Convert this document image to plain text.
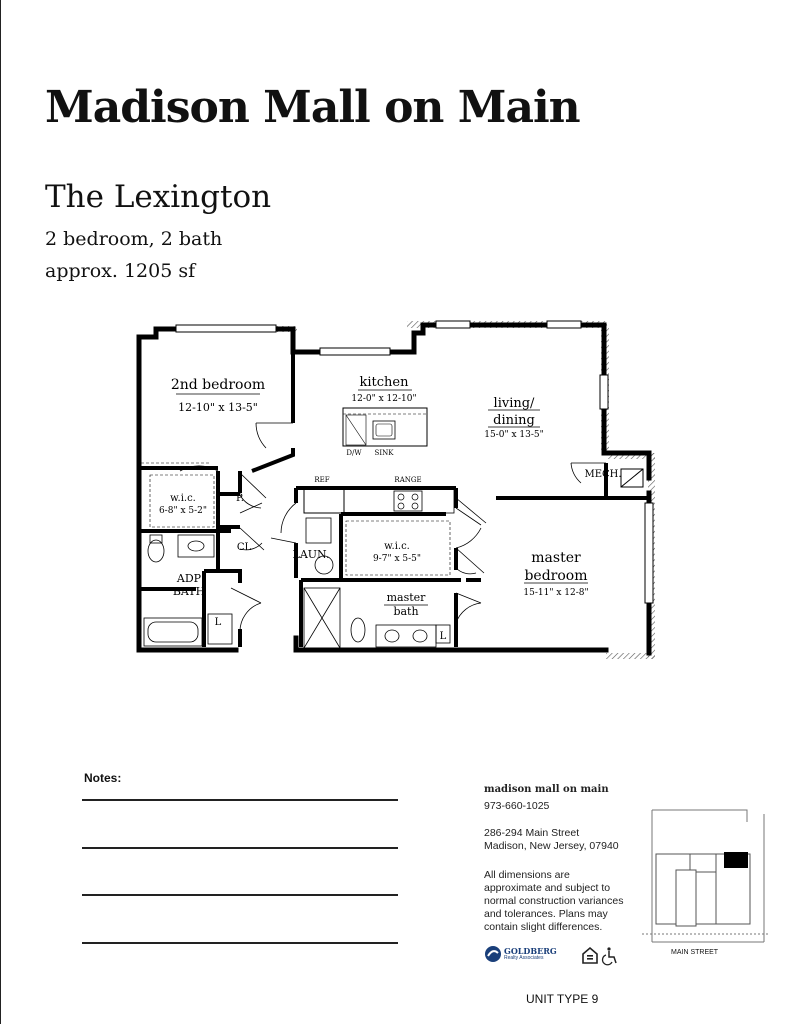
Madison Mall on Main
The Lexington
2 bedroom, 2 bath
approx. 1205 sf
2nd bedroom
12-10" x 13-5"
kitchen
12-0" x 12-10"	living/
dining
15-0" x 13-5"
MECH.
w.i.c.
6-8" x 5-2"
P.
CL
LAUN.
w.i.c.
9-7" x 5-5"	master
bedroom
15-11" x 12-8"
master
bath
ADP
BATH
L
L
D/W SINK
REF	RANGE
Notes:
madison mall on main
973-660-1025
286-294 Main Street
Madison, New Jersey, 07940
All dimensions are
approximate and subject to
normal construction variances
and tolerances. Plans may
contain slight differences.
GOLDBERG
Realty Associates
MAIN STREET
UNIT TYPE 9
